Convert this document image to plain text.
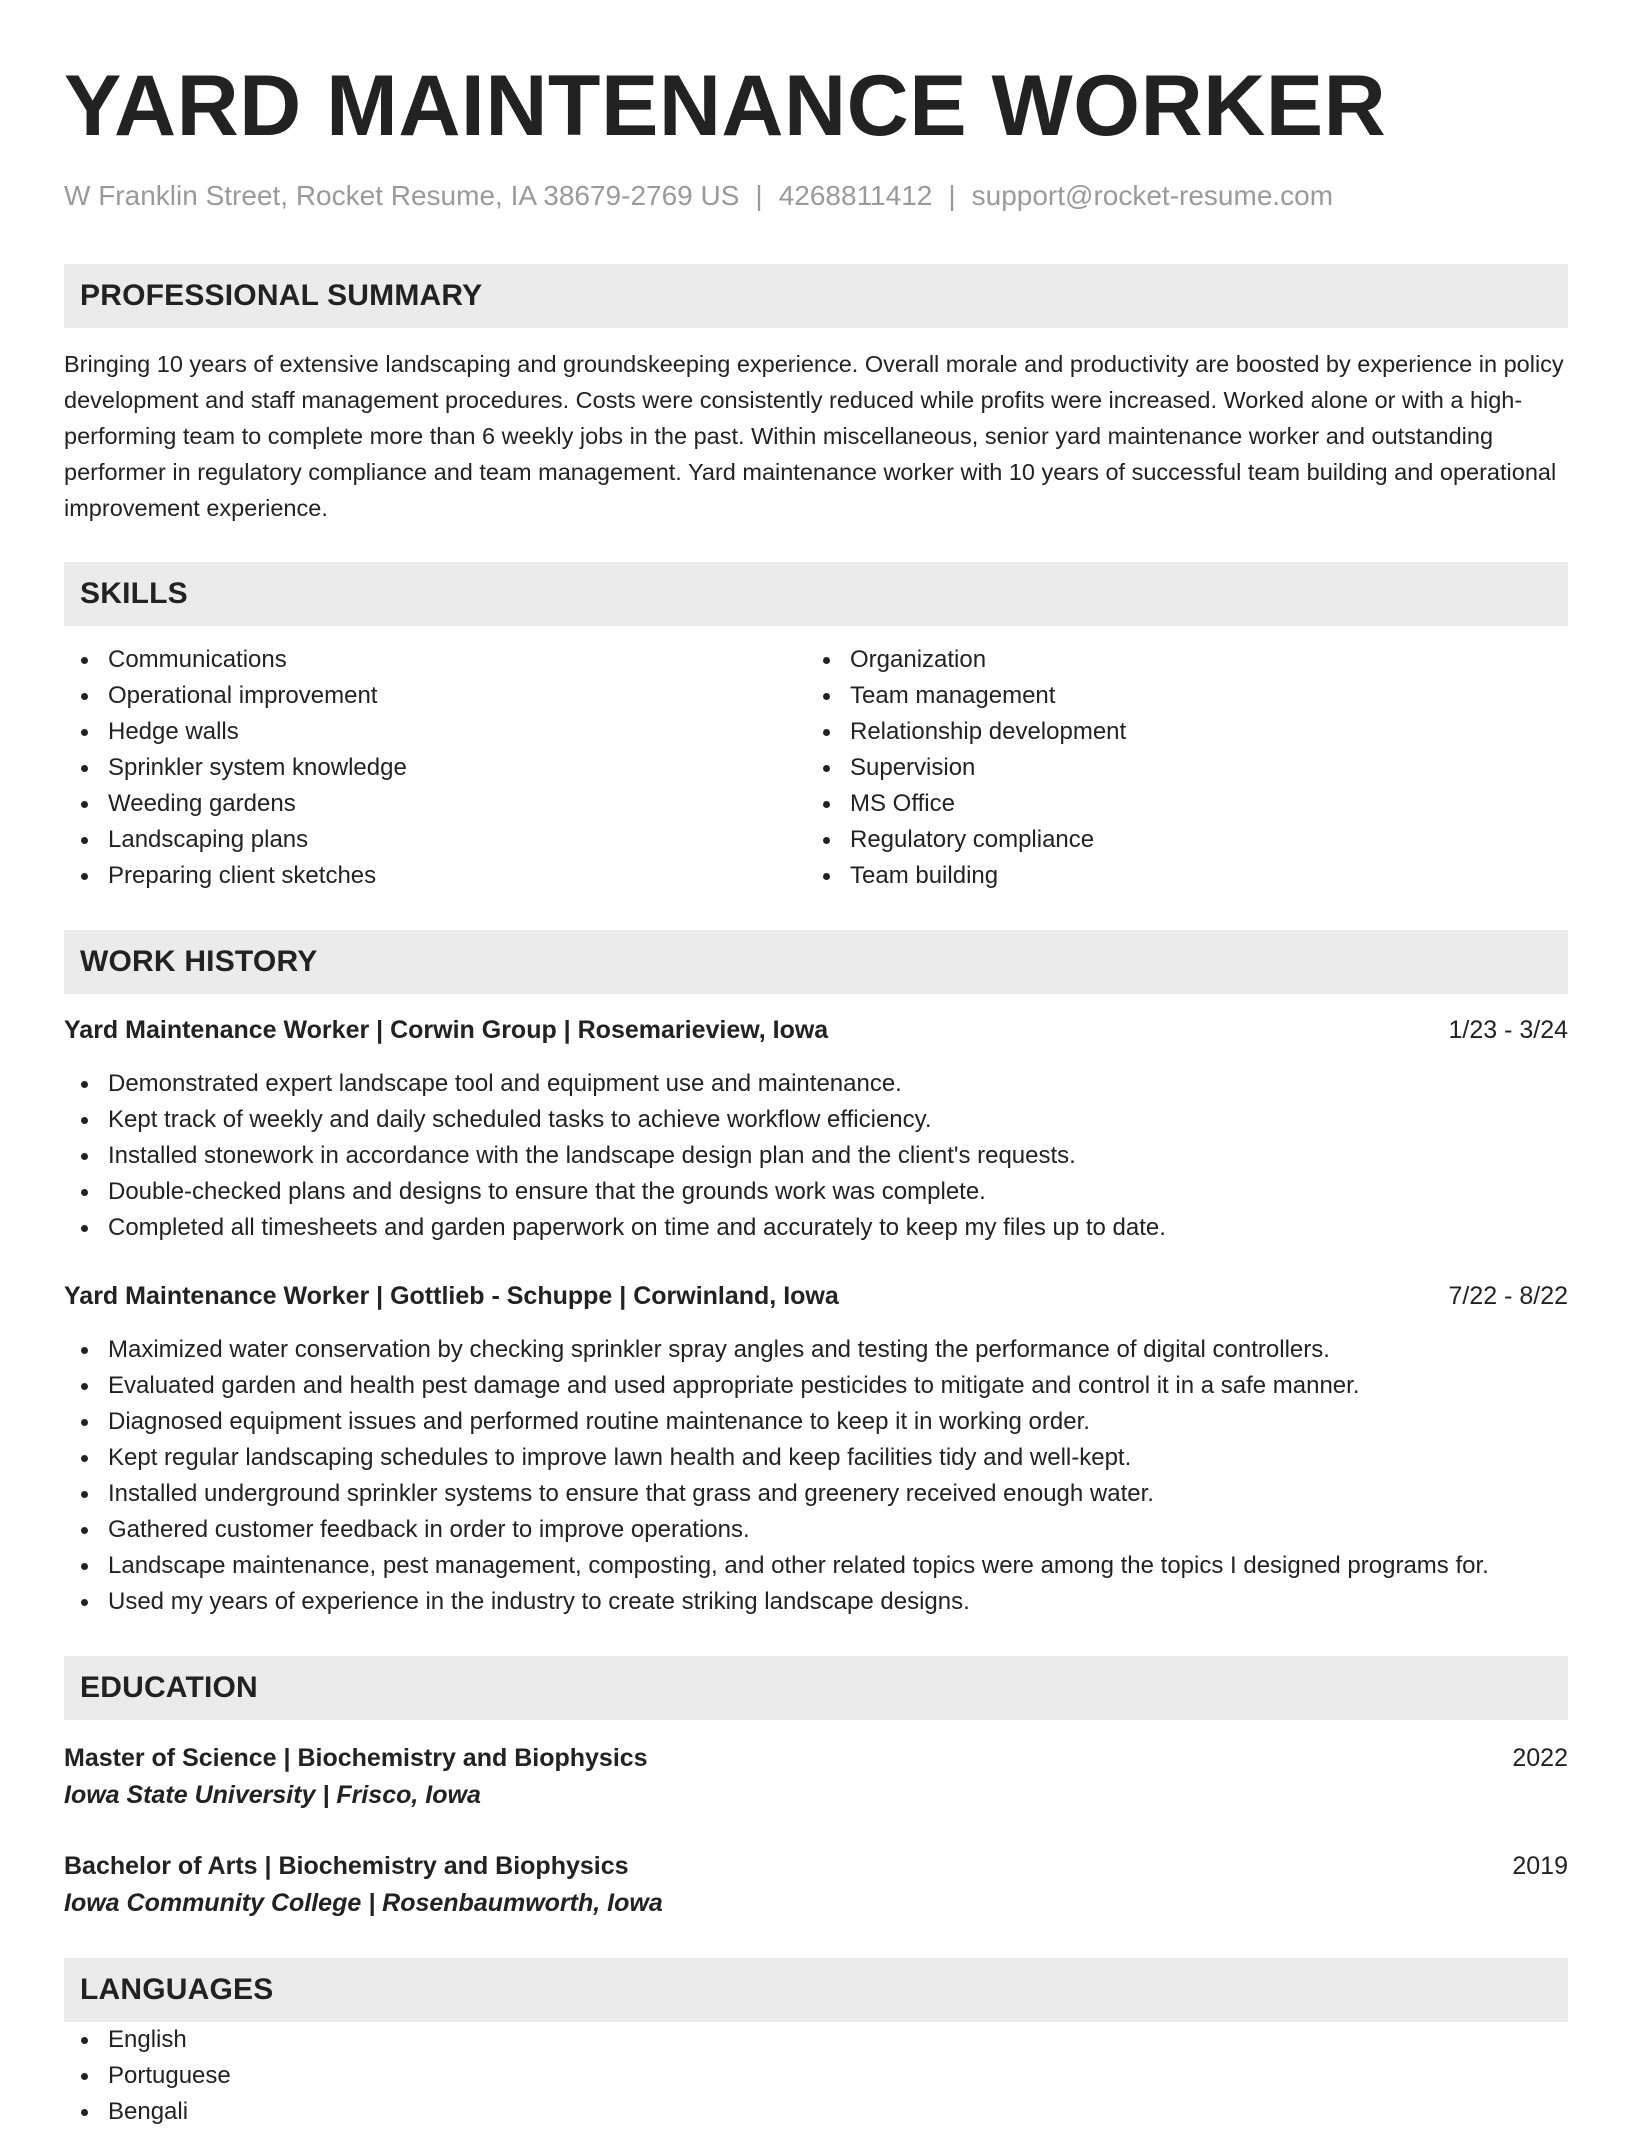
YARD MAINTENANCE WORKER
W Franklin Street, Rocket Resume, IA 38679-2769 US | 4268811412 | support@rocket-resume.com
PROFESSIONAL SUMMARY
Bringing 10 years of extensive landscaping and groundskeeping experience. Overall morale and productivity are boosted by experience in policy development and staff management procedures. Costs were consistently reduced while profits were increased. Worked alone or with a high-performing team to complete more than 6 weekly jobs in the past. Within miscellaneous, senior yard maintenance worker and outstanding performer in regulatory compliance and team management. Yard maintenance worker with 10 years of successful team building and operational improvement experience.
SKILLS
Communications
Operational improvement
Hedge walls
Sprinkler system knowledge
Weeding gardens
Landscaping plans
Preparing client sketches
Organization
Team management
Relationship development
Supervision
MS Office
Regulatory compliance
Team building
WORK HISTORY
Yard Maintenance Worker | Corwin Group | Rosemarieview, Iowa	1/23 - 3/24
Demonstrated expert landscape tool and equipment use and maintenance.
Kept track of weekly and daily scheduled tasks to achieve workflow efficiency.
Installed stonework in accordance with the landscape design plan and the client's requests.
Double-checked plans and designs to ensure that the grounds work was complete.
Completed all timesheets and garden paperwork on time and accurately to keep my files up to date.
Yard Maintenance Worker | Gottlieb - Schuppe | Corwinland, Iowa	7/22 - 8/22
Maximized water conservation by checking sprinkler spray angles and testing the performance of digital controllers.
Evaluated garden and health pest damage and used appropriate pesticides to mitigate and control it in a safe manner.
Diagnosed equipment issues and performed routine maintenance to keep it in working order.
Kept regular landscaping schedules to improve lawn health and keep facilities tidy and well-kept.
Installed underground sprinkler systems to ensure that grass and greenery received enough water.
Gathered customer feedback in order to improve operations.
Landscape maintenance, pest management, composting, and other related topics were among the topics I designed programs for.
Used my years of experience in the industry to create striking landscape designs.
EDUCATION
Master of Science | Biochemistry and Biophysics	2022
Iowa State University | Frisco, Iowa
Bachelor of Arts | Biochemistry and Biophysics	2019
Iowa Community College | Rosenbaumworth, Iowa
LANGUAGES
English
Portuguese
Bengali
